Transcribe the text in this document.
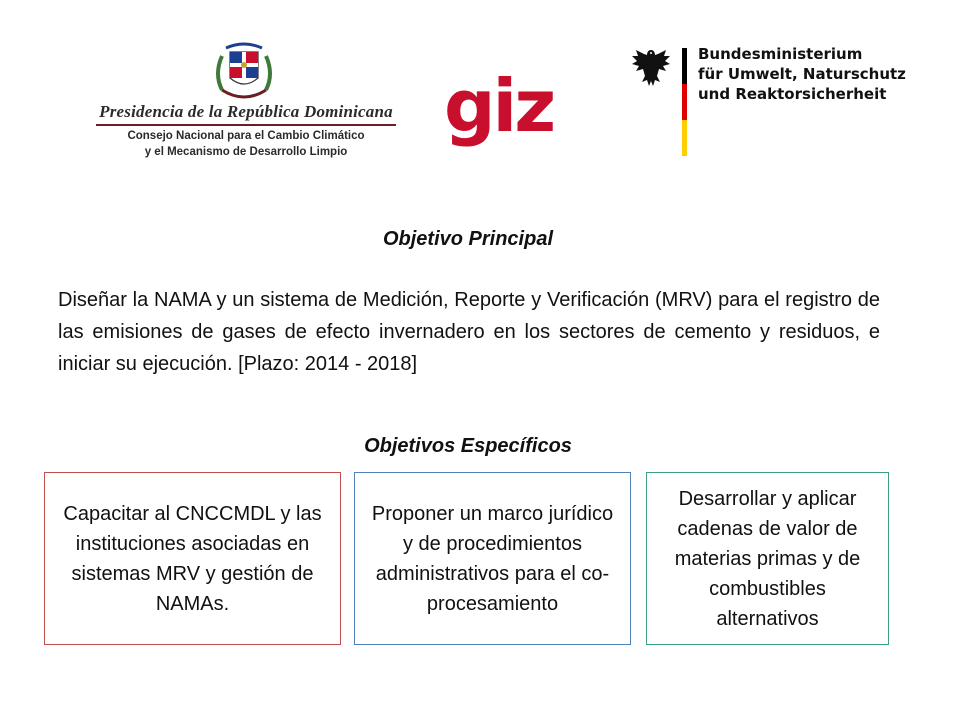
Presidencia de la República Dominicana
Consejo Nacional para el Cambio Climático
y el Mecanismo de Desarrollo Limpio
giz
Bundesministerium
für Umwelt, Naturschutz
und Reaktorsicherheit
Objetivo Principal
Diseñar la NAMA y un sistema de Medición, Reporte y Verificación (MRV) para el registro de las emisiones de gases de efecto invernadero en los sectores de cemento y residuos, e iniciar su ejecución. [Plazo: 2014 - 2018]
Objetivos Específicos
Capacitar al CNCCMDL y las instituciones asociadas en sistemas MRV y gestión de NAMAs.
Proponer un marco jurídico y de procedimientos administrativos para el co-procesamiento
Desarrollar y aplicar cadenas de valor de materias primas y de combustibles alternativos
